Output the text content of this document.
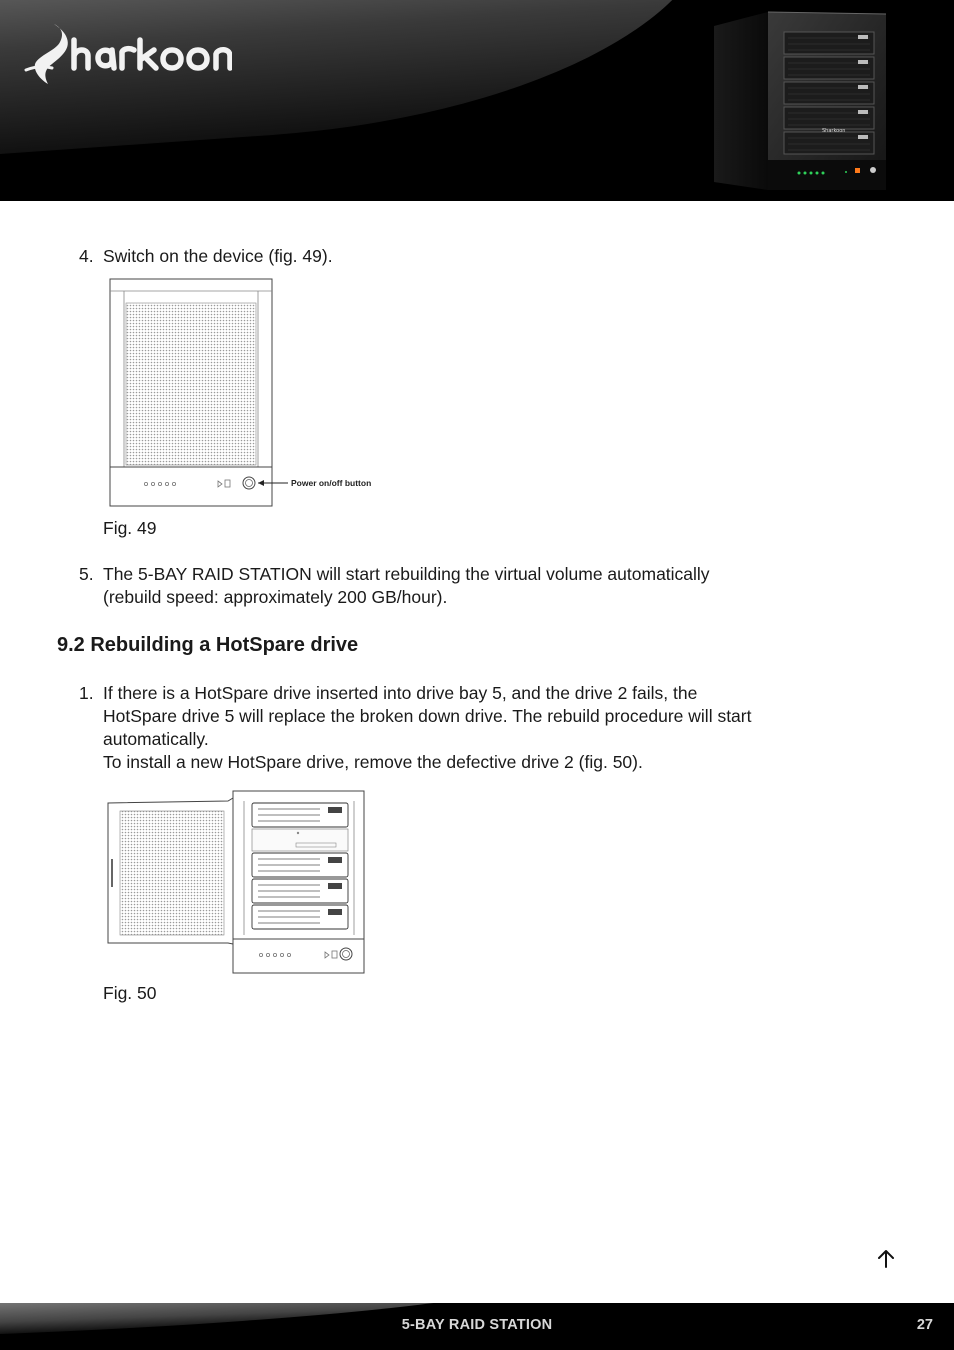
Sharkoon
4. Switch on the device (fig. 49).
Power on/off button
Fig. 49
5. The 5-BAY RAID STATION will start rebuilding the virtual volume automatically
(rebuild speed: approximately 200 GB/hour).
9.2 Rebuilding a HotSpare drive
1. If there is a HotSpare drive inserted into drive bay 5, and the drive 2 fails, the
HotSpare drive 5 will replace the broken down drive. The rebuild procedure will start
automatically.
To install a new HotSpare drive, remove the defective drive 2 (fig. 50).
Fig. 50
5-BAY RAID STATION	27
